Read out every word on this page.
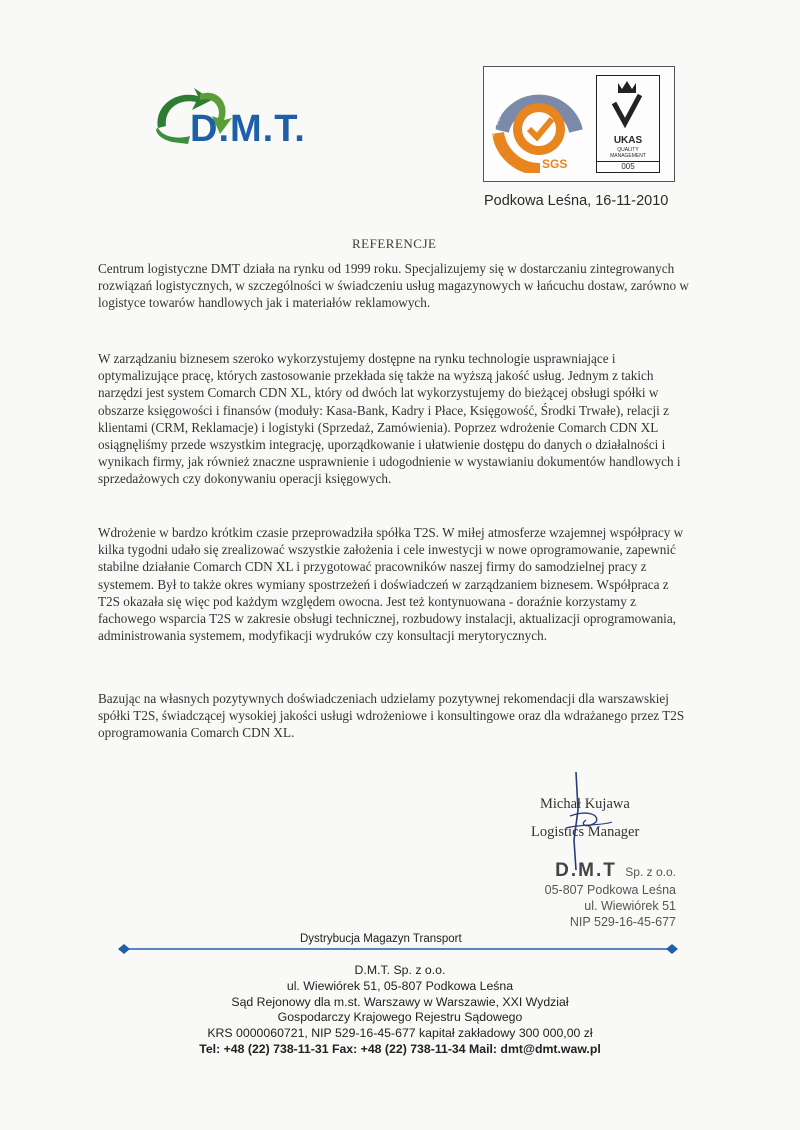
D.M.T.
SGS
ISO 9001:2000
UKAS
QUALITY
MANAGEMENT
005
Podkowa Leśna, 16-11-2010
REFERENCJE
Centrum logistyczne DMT działa na rynku od 1999 roku. Specjalizujemy się w dostarczaniu zintegrowanych rozwiązań logistycznych, w szczególności w świadczeniu usług magazynowych w łańcuchu dostaw, zarówno w logistyce towarów handlowych jak i materiałów reklamowych.
W zarządzaniu biznesem szeroko wykorzystujemy dostępne na rynku technologie usprawniające i optymalizujące pracę, których zastosowanie przekłada się także na wyższą jakość usług. Jednym z takich narzędzi jest system Comarch CDN XL, który od dwóch lat wykorzystujemy do bieżącej obsługi spółki w obszarze księgowości i finansów (moduły: Kasa-Bank, Kadry i Płace, Księgowość, Środki Trwałe), relacji z klientami (CRM, Reklamacje) i logistyki (Sprzedaż, Zamówienia). Poprzez wdrożenie Comarch CDN XL osiągnęliśmy przede wszystkim integrację, uporządkowanie i ułatwienie dostępu do danych o działalności i wynikach firmy, jak również znaczne usprawnienie i udogodnienie w wystawianiu dokumentów handlowych i sprzedażowych czy dokonywaniu operacji księgowych.
Wdrożenie w bardzo krótkim czasie przeprowadziła spółka T2S. W miłej atmosferze wzajemnej współpracy w kilka tygodni udało się zrealizować wszystkie założenia i cele inwestycji w nowe oprogramowanie, zapewnić stabilne działanie Comarch CDN XL i przygotować pracowników naszej firmy do samodzielnej pracy z systemem. Był to także okres wymiany spostrzeżeń i doświadczeń w zarządzaniem biznesem. Współpraca z T2S okazała się więc pod każdym względem owocna. Jest też kontynuowana - doraźnie korzystamy z fachowego wsparcia T2S w zakresie obsługi technicznej, rozbudowy instalacji, aktualizacji oprogramowania, administrowania systemem, modyfikacji wydruków czy konsultacji merytorycznych.
Bazując na własnych pozytywnych doświadczeniach udzielamy pozytywnej rekomendacji dla warszawskiej spółki T2S, świadczącej wysokiej jakości usługi wdrożeniowe i konsultingowe oraz dla wdrażanego przez T2S oprogramowania Comarch CDN XL.
Michał Kujawa
Logistics Manager
D.M.T Sp. z o.o.
05-807 Podkowa Leśna
ul. Wiewiórek 51
NIP 529-16-45-677
Dystrybucja Magazyn Transport
D.M.T. Sp. z o.o.
ul. Wiewiórek 51, 05-807 Podkowa Leśna
Sąd Rejonowy dla m.st. Warszawy w Warszawie, XXI Wydział
Gospodarczy Krajowego Rejestru Sądowego
KRS 0000060721, NIP 529-16-45-677 kapitał zakładowy 300 000,00 zł
Tel: +48 (22) 738-11-31 Fax: +48 (22) 738-11-34 Mail: dmt@dmt.waw.pl
